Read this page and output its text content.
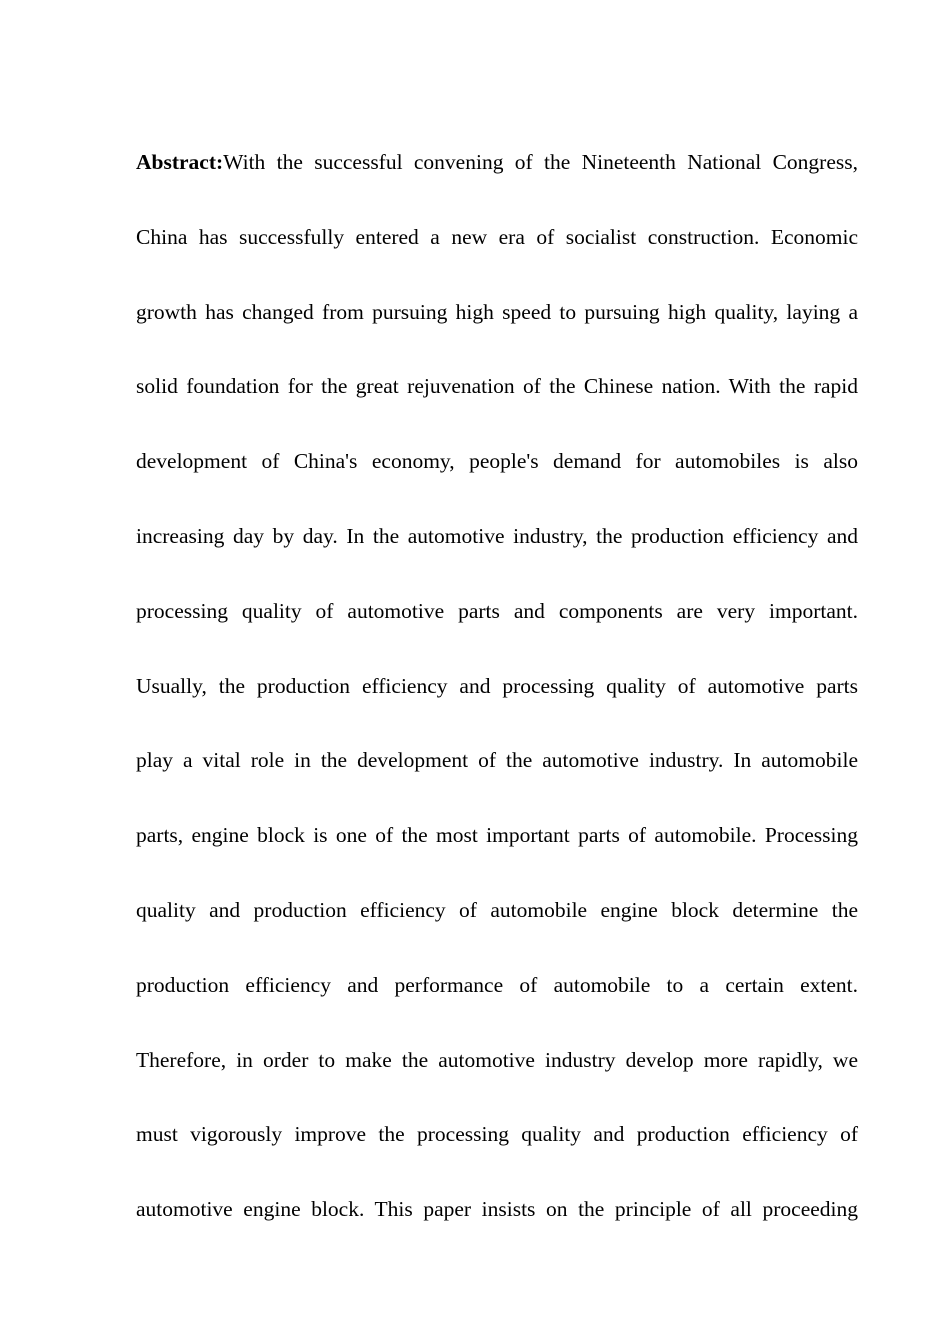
Abstract:With the successful convening of the Nineteenth National Congress,
China has successfully entered a new era of socialist construction. Economic
growth has changed from pursuing high speed to pursuing high quality, laying a
solid foundation for the great rejuvenation of the Chinese nation. With the rapid
development of China's economy, people's demand for automobiles is also
increasing day by day. In the automotive industry, the production efficiency and
processing quality of automotive parts and components are very important.
Usually, the production efficiency and processing quality of automotive parts
play a vital role in the development of the automotive industry. In automobile
parts, engine block is one of the most important parts of automobile. Processing
quality and production efficiency of automobile engine block determine the
production efficiency and performance of automobile to a certain extent.
Therefore, in order to make the automotive industry develop more rapidly, we
must vigorously improve the processing quality and production efficiency of
automotive engine block. This paper insists on the principle of all proceeding
